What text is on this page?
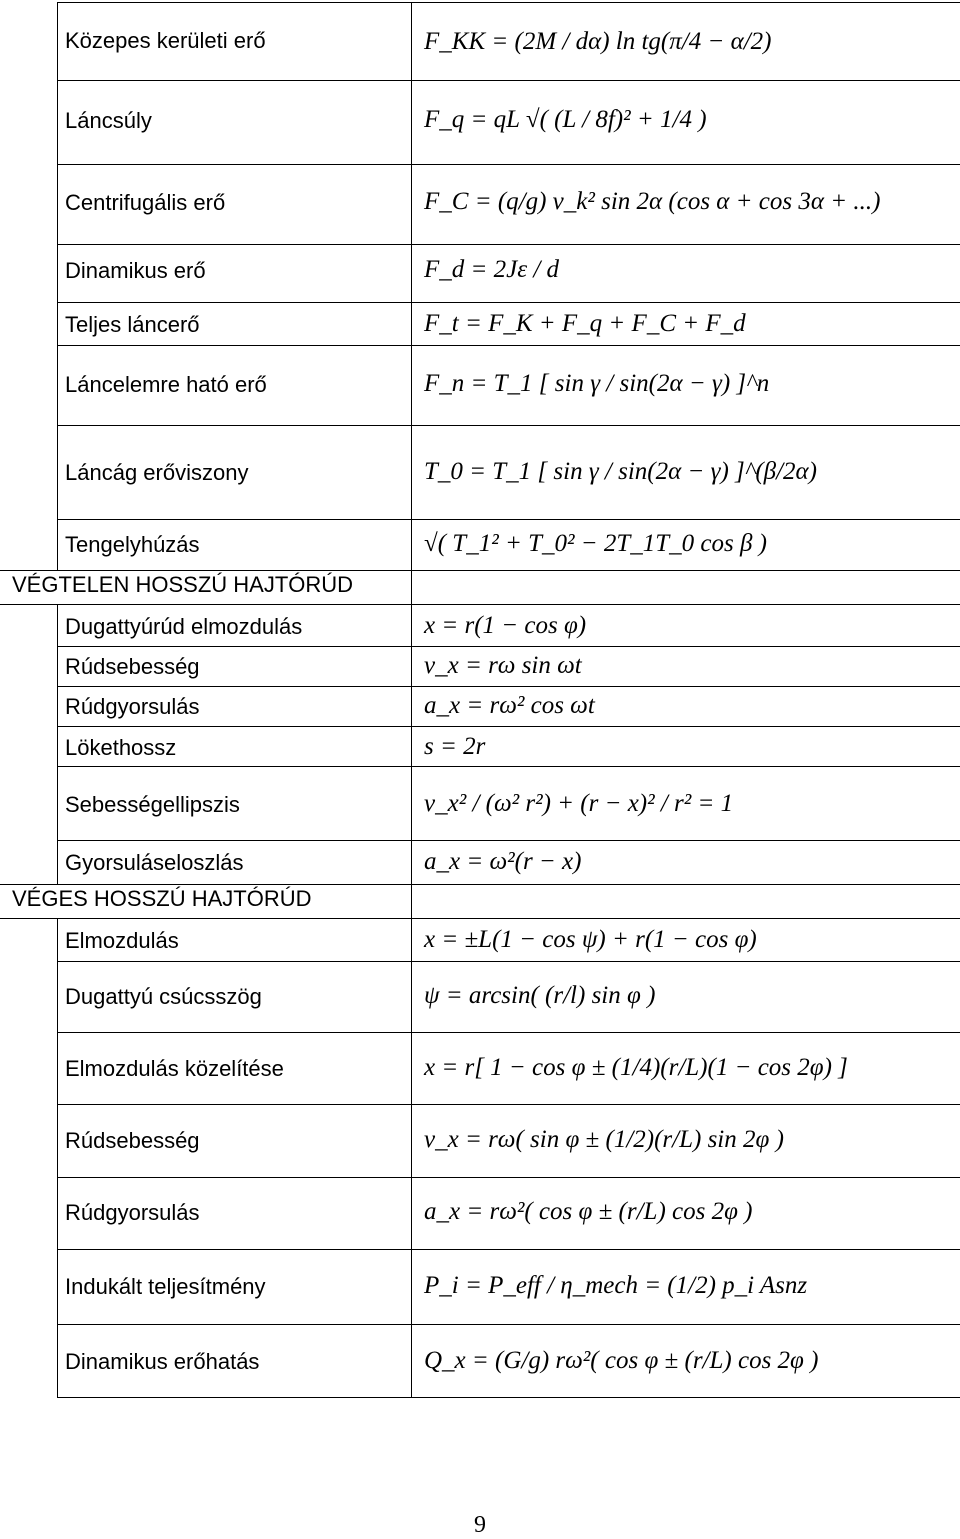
Közepes kerületi erő	F_KK = (2M / dα) ln tg(π/4 − α/2)
Láncsúly	F_q = qL √( (L / 8f)² + 1/4 )
Centrifugális erő	F_C = (q/g) v_k² sin 2α (cos α + cos 3α + ...)
Dinamikus erő	F_d = 2Jε / d
Teljes láncerő	F_t = F_K + F_q + F_C + F_d
Láncelemre ható erő	F_n = T_1 [ sin γ / sin(2α − γ) ]^n
Láncág erőviszony	T_0 = T_1 [ sin γ / sin(2α − γ) ]^(β/2α)
Tengelyhúzás	√( T_1² + T_0² − 2T_1T_0 cos β )
VÉGTELEN HOSSZÚ HAJTÓRÚD
Dugattyúrúd elmozdulás	x = r(1 − cos φ)
Rúdsebesség	v_x = rω sin ωt
Rúdgyorsulás	a_x = rω² cos ωt
Lökethossz	s = 2r
Sebességellipszis	v_x² / (ω² r²) + (r − x)² / r² = 1
Gyorsuláseloszlás	a_x = ω²(r − x)
VÉGES HOSSZÚ HAJTÓRÚD
Elmozdulás	x = ±L(1 − cos ψ) + r(1 − cos φ)
Dugattyú csúcsszög	ψ = arcsin( (r/l) sin φ )
Elmozdulás közelítése	x = r[ 1 − cos φ ± (1/4)(r/L)(1 − cos 2φ) ]
Rúdsebesség	v_x = rω( sin φ ± (1/2)(r/L) sin 2φ )
Rúdgyorsulás	a_x = rω²( cos φ ± (r/L) cos 2φ )
Indukált teljesítmény	P_i = P_eff / η_mech = (1/2) p_i Asnz
Dinamikus erőhatás	Q_x = (G/g) rω²( cos φ ± (r/L) cos 2φ )
9
